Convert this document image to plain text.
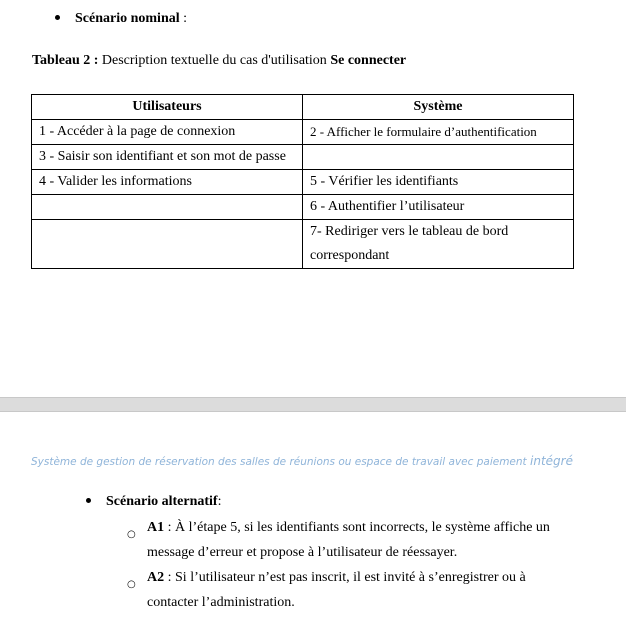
Scénario nominal :
Tableau 2 : Description textuelle du cas d'utilisation Se connecter
Utilisateurs	Système
1 - Accéder à la page de connexion	2 - Afficher le formulaire d’authentification
3 - Saisir son identifiant et son mot de passe	
4 - Valider les informations	5 - Vérifier les identifiants
	6 - Authentifier l’utilisateur
	7- Rediriger vers le tableau de bord correspondant
Système de gestion de réservation des salles de réunions ou espace de travail avec paiement intégré
Scénario alternatif:
○ A1 : À l’étape 5, si les identifiants sont incorrects, le système affiche un message d’erreur et propose à l’utilisateur de réessayer.
○ A2 : Si l’utilisateur n’est pas inscrit, il est invité à s’enregistrer ou à contacter l’administration.
